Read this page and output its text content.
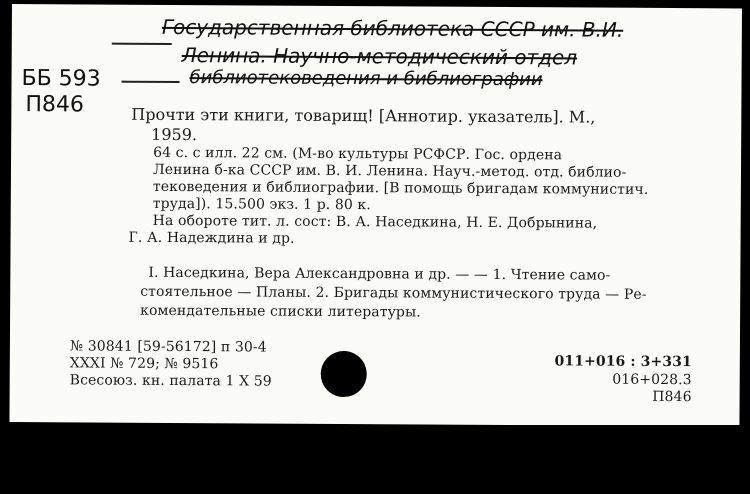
Государственная библиотека СССР им. В.И.
Ленина. Научно-методический отдел
библиотековедения и библиографии
ББ 593
П846	Прочти эти книги, товарищ! [Аннотир. указатель]. М.,
1959.
64 с. с илл. 22 см. (М-во культуры РСФСР. Гос. ордена
Ленина б-ка СССР им. В. И. Ленина. Науч.-метод. отд. библио-
тековедения и библиографии. [В помощь бригадам коммунистич.
труда]). 15.500 экз. 1 р. 80 к.
На обороте тит. л. сост: В. А. Наседкина, Н. Е. Добрынина,
Г. А. Надеждина и др.
I. Наседкина, Вера Александровна и др. — — 1. Чтение само-
стоятельное — Планы. 2. Бригады коммунистического труда — Ре-
комендательные списки литературы.
№ 30841 [59-56172] п 30-4
XXXI № 729; № 9516
Всесоюз. кн. палата 1 X 59
011+016 : 3+331
016+028.3
П846
